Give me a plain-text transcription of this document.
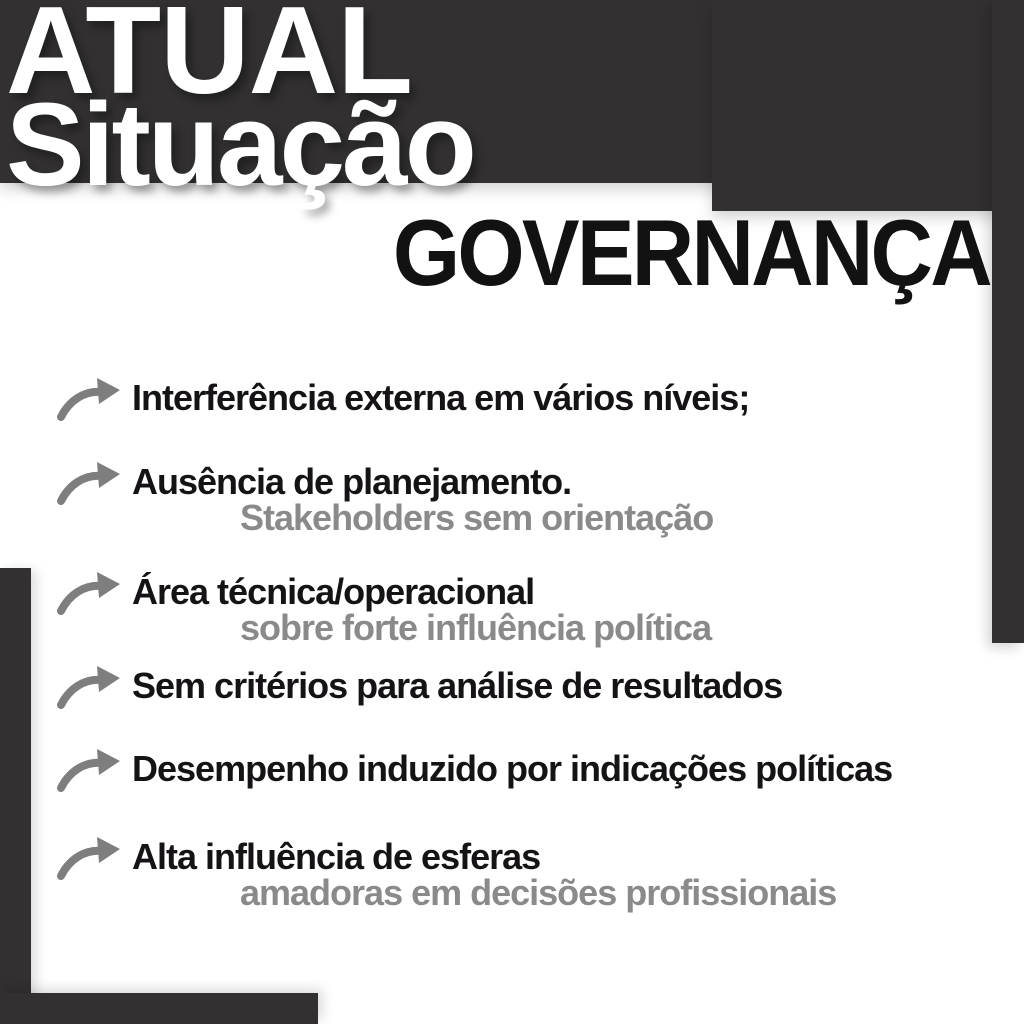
ATUAL
Situação
GOVERNANÇA
Interferência externa em vários níveis;
Ausência de planejamento.
Stakeholders sem orientação
Área técnica/operacional
sobre forte influência política
Sem critérios para análise de resultados
Desempenho induzido por indicações políticas
Alta influência de esferas
amadoras em decisões profissionais
